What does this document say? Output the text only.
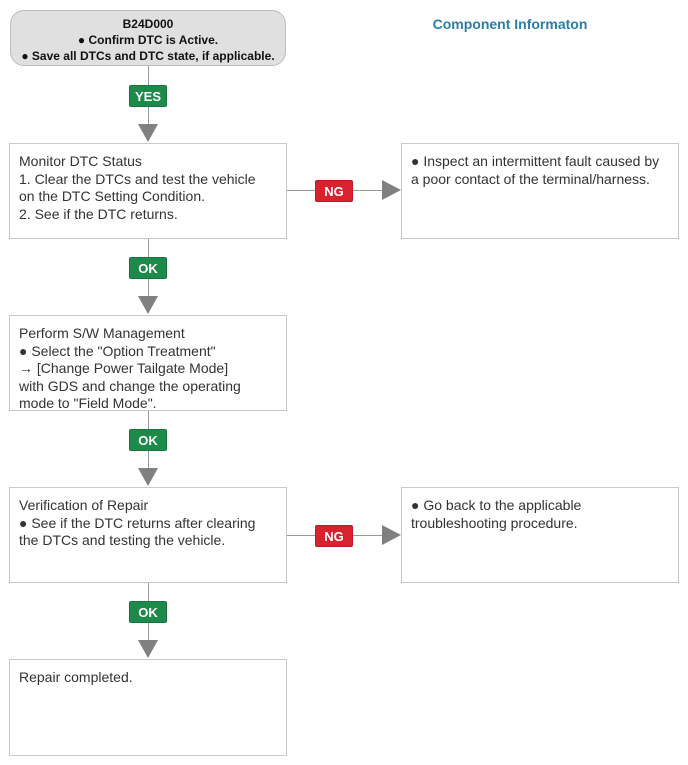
B24D000
● Confirm DTC is Active.
● Save all DTCs and DTC state, if applicable.
Component Informaton
YES
Monitor DTC Status
1. Clear the DTCs and test the vehicle
on the DTC Setting Condition.
2. See if the DTC returns.
NG
● Inspect an intermittent fault caused by
a poor contact of the terminal/harness.
OK
Perform S/W Management
● Select the "Option Treatment"
→ [Change Power Tailgate Mode]
with GDS and change the operating
mode to "Field Mode".
OK
Verification of Repair
● See if the DTC returns after clearing
the DTCs and testing the vehicle.	NG
● Go back to the applicable
troubleshooting procedure.
OK
Repair completed.
